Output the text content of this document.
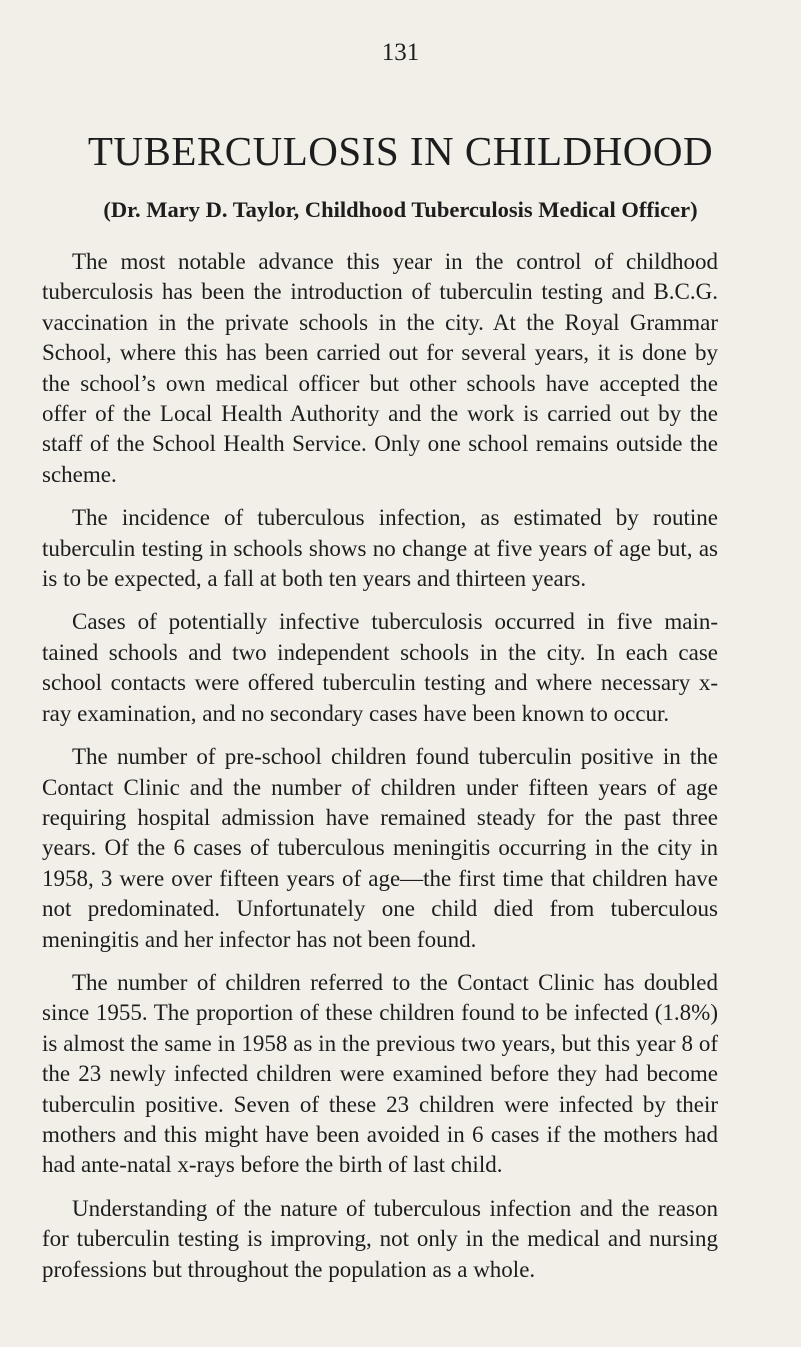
131
TUBERCULOSIS IN CHILDHOOD
(Dr. Mary D. Taylor, Childhood Tuberculosis Medical Officer)

The most notable advance this year in the control of childhood tuberculosis has been the introduction of tuberculin testing and B.C.G. vaccination in the private schools in the city. At the Royal Grammar School, where this has been carried out for several years, it is done by the school’s own medical officer but other schools have accepted the offer of the Local Health Authority and the work is carried out by the staff of the School Health Service. Only one school remains outside the scheme.

The incidence of tuberculous infection, as estimated by routine tuberculin testing in schools shows no change at five years of age but, as is to be expected, a fall at both ten years and thirteen years.

Cases of potentially infective tuberculosis occurred in five main- tained schools and two independent schools in the city. In each case school contacts were offered tuberculin testing and where necessary x-ray examination, and no secondary cases have been known to occur.

The number of pre-school children found tuberculin positive in the Contact Clinic and the number of children under fifteen years of age requiring hospital admission have remained steady for the past three years. Of the 6 cases of tuberculous meningitis occurring in the city in 1958, 3 were over fifteen years of age—the first time that children have not predominated. Unfortunately one child died from tuberculous meningitis and her infector has not been found.

The number of children referred to the Contact Clinic has doubled since 1955. The proportion of these children found to be infected (1.8%) is almost the same in 1958 as in the previous two years, but this year 8 of the 23 newly infected children were examined before they had become tuberculin positive. Seven of these 23 children were infected by their mothers and this might have been avoided in 6 cases if the mothers had had ante-natal x-rays before the birth of last child.

Understanding of the nature of tuberculous infection and the reason for tuberculin testing is improving, not only in the medical and nursing professions but throughout the population as a whole.
